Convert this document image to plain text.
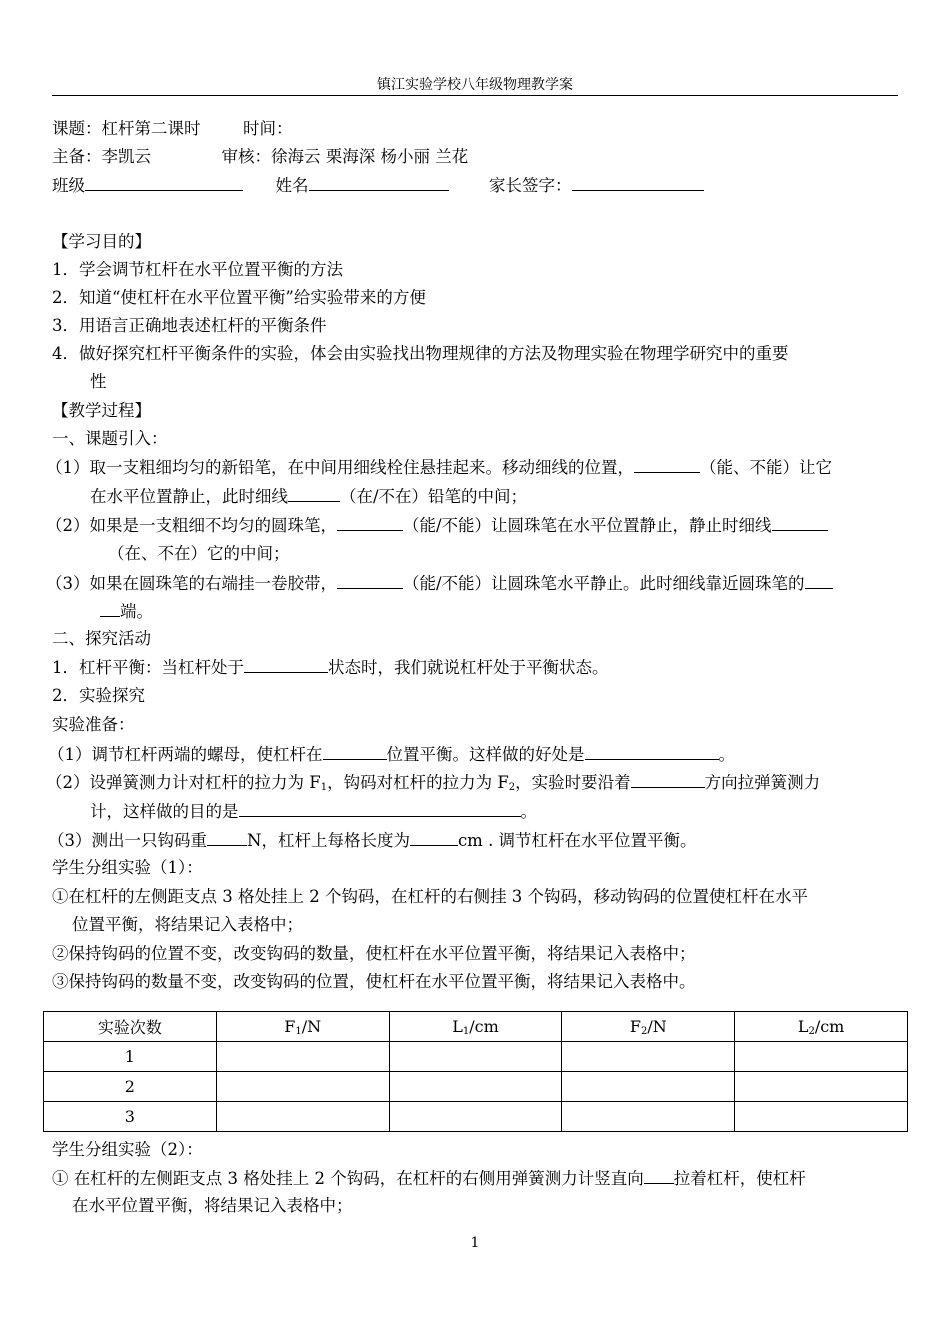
镇江实验学校八年级物理教学案
课题：杠杆第二课时	时间：
主备：李凯云	审核：徐海云 栗海深 杨小丽 兰花
班级	姓名	家长签字：
【学习目的】
1．学会调节杠杆在水平位置平衡的方法
2．知道“使杠杆在水平位置平衡”给实验带来的方便
3．用语言正确地表述杠杆的平衡条件
4．做好探究杠杆平衡条件的实验，体会由实验找出物理规律的方法及物理实验在物理学研究中的重要
性
【教学过程】
一、课题引入：
（1）取一支粗细均匀的新铅笔，在中间用细线栓住悬挂起来。移动细线的位置，	（能、不能）让它
在水平位置静止，此时细线	（在/不在）铅笔的中间；
（2）如果是一支粗细不均匀的圆珠笔，	（能/不能）让圆珠笔在水平位置静止，静止时细线
（在、不在）它的中间；
（3）如果在圆珠笔的右端挂一卷胶带，	（能/不能）让圆珠笔水平静止。此时细线靠近圆珠笔的
端。
二、探究活动
1．杠杆平衡：当杠杆处于	状态时，我们就说杠杆处于平衡状态。
2．实验探究
实验准备：
（1）调节杠杆两端的螺母，使杠杆在	位置平衡。这样做的好处是	。
（2）设弹簧测力计对杠杆的拉力为 $F_1$，钩码对杠杆的拉力为 $F_2$，实验时要沿着	方向拉弹簧测力
计，这样做的目的是	。
（3）测出一只钩码重 N，杠杆上每格长度为	cm . 调节杠杆在水平位置平衡。
学生分组实验（1）：
①在杠杆的左侧距支点 3 格处挂上 2 个钩码，在杠杆的右侧挂 3 个钩码，移动钩码的位置使杠杆在水平
位置平衡，将结果记入表格中；
②保持钩码的位置不变，改变钩码的数量，使杠杆在水平位置平衡，将结果记入表格中；
③保持钩码的数量不变，改变钩码的位置，使杠杆在水平位置平衡，将结果记入表格中。
实验次数	$F_1/N$	$L_1/cm$	$F_2/N$	$L_2/cm$
1				
2				
3				
学生分组实验（2）：
① 在杠杆的左侧距支点 3 格处挂上 2 个钩码，在杠杆的右侧用弹簧测力计竖直向 拉着杠杆，使杠杆
在水平位置平衡，将结果记入表格中；
1
